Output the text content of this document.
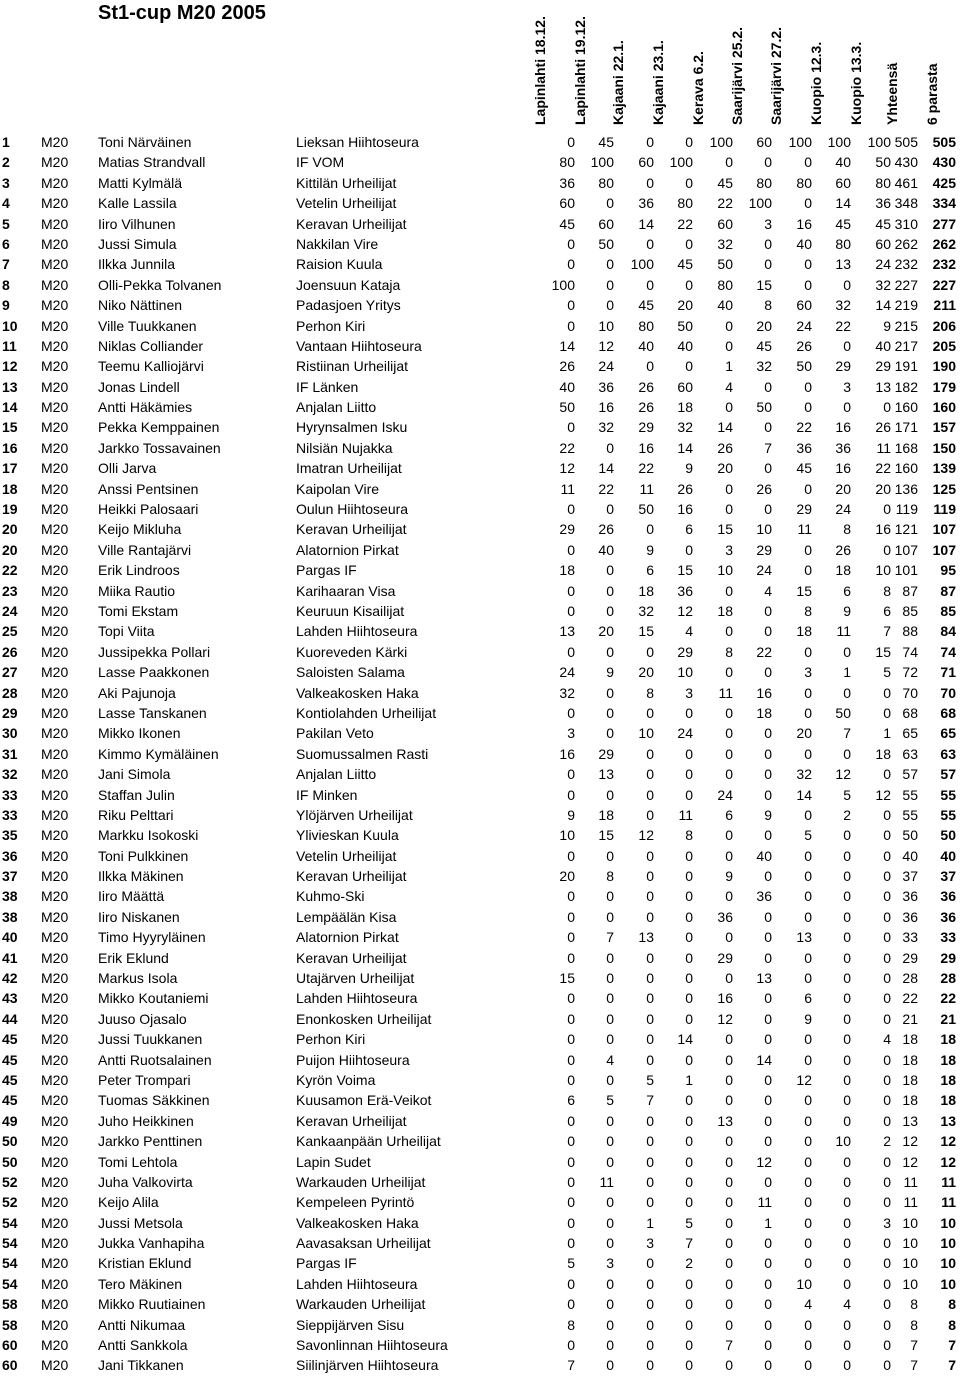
St1-cup M20 2005
Lapinlahti 18.12. Lapinlahti 19.12. Kajaani 22.1. Kajaani 23.1. Kerava 6.2. Saarijärvi 25.2. Saarijärvi 27.2. Kuopio 12.3. Kuopio 13.3. Yhteensä 6 parasta
1 M20 Toni Närväinen	Lieksan Hiihtoseura	0 45 0 0 100 60 100 100 100 505 505
2 M20 Matias Strandvall	IF VOM	80 100 60 100 0 0 0 40 50 430 430
3 M20 Matti Kylmälä	Kittilän Urheilijat	36 80 0 0 45 80 80 60 80 461 425
4 M20 Kalle Lassila	Vetelin Urheilijat	60 0 36 80 22 100 0 14 36 348 334
5 M20 Iiro Vilhunen	Keravan Urheilijat	45 60 14 22 60 3 16 45 45 310 277
6 M20 Jussi Simula	Nakkilan Vire	0 50 0 0 32 0 40 80 60 262 262
7 M20 Ilkka Junnila	Raision Kuula	0 0 100 45 50 0 0 13 24 232 232
8 M20 Olli-Pekka Tolvanen	Joensuun Kataja	100 0 0 0 80 15 0 0 32 227 227
9 M20 Niko Nättinen	Padasjoen Yritys	0 0 45 20 40 8 60 32 14 219 211
10 M20 Ville Tuukkanen	Perhon Kiri	0 10 80 50 0 20 24 22 9 215 206
11 M20 Niklas Colliander	Vantaan Hiihtoseura	14 12 40 40 0 45 26 0 40 217 205
12 M20 Teemu Kalliojärvi	Ristiinan Urheilijat	26 24 0 0 1 32 50 29 29 191 190
13 M20 Jonas Lindell	IF Länken	40 36 26 60 4 0 0 3 13 182 179
14 M20 Antti Häkämies	Anjalan Liitto	50 16 26 18 0 50 0 0 0 160 160
15 M20 Pekka Kemppainen	Hyrynsalmen Isku	0 32 29 32 14 0 22 16 26 171 157
16 M20 Jarkko Tossavainen	Nilsiän Nujakka	22 0 16 14 26 7 36 36 11 168 150
17 M20 Olli Jarva	Imatran Urheilijat	12 14 22 9 20 0 45 16 22 160 139
18 M20 Anssi Pentsinen	Kaipolan Vire	11 22 11 26 0 26 0 20 20 136 125
19 M20 Heikki Palosaari	Oulun Hiihtoseura	0 0 50 16 0 0 29 24 0 119 119
20 M20 Keijo Mikluha	Keravan Urheilijat	29 26 0 6 15 10 11 8 16 121 107
20 M20 Ville Rantajärvi	Alatornion Pirkat	0 40 9 0 3 29 0 26 0 107 107
22 M20 Erik Lindroos	Pargas IF	18 0 6 15 10 24 0 18 10 101 95
23 M20 Miika Rautio	Karihaaran Visa	0 0 18 36 0 4 15 6 8 87 87
24 M20 Tomi Ekstam	Keuruun Kisailijat	0 0 32 12 18 0 8 9 6 85 85
25 M20 Topi Viita	Lahden Hiihtoseura	13 20 15 4 0 0 18 11 7 88 84
26 M20 Jussipekka Pollari	Kuoreveden Kärki	0 0 0 29 8 22 0 0 15 74 74
27 M20 Lasse Paakkonen	Saloisten Salama	24 9 20 10 0 0 3 1 5 72 71
28 M20 Aki Pajunoja	Valkeakosken Haka	32 0 8 3 11 16 0 0 0 70 70
29 M20 Lasse Tanskanen	Kontiolahden Urheilijat	0 0 0 0 0 18 0 50 0 68 68
30 M20 Mikko Ikonen	Pakilan Veto	3 0 10 24 0 0 20 7 1 65 65
31 M20 Kimmo Kymäläinen	Suomussalmen Rasti	16 29 0 0 0 0 0 0 18 63 63
32 M20 Jani Simola	Anjalan Liitto	0 13 0 0 0 0 32 12 0 57 57
33 M20 Staffan Julin	IF Minken	0 0 0 0 24 0 14 5 12 55 55
33 M20 Riku Pelttari	Ylöjärven Urheilijat	9 18 0 11 6 9 0 2 0 55 55
35 M20 Markku Isokoski	Ylivieskan Kuula	10 15 12 8 0 0 5 0 0 50 50
36 M20 Toni Pulkkinen	Vetelin Urheilijat	0 0 0 0 0 40 0 0 0 40 40
37 M20 Ilkka Mäkinen	Keravan Urheilijat	20 8 0 0 9 0 0 0 0 37 37
38 M20 Iiro Määttä	Kuhmo-Ski	0 0 0 0 0 36 0 0 0 36 36
38 M20 Iiro Niskanen	Lempäälän Kisa	0 0 0 0 36 0 0 0 0 36 36
40 M20 Timo Hyyryläinen	Alatornion Pirkat	0 7 13 0 0 0 13 0 0 33 33
41 M20 Erik Eklund	Keravan Urheilijat	0 0 0 0 29 0 0 0 0 29 29
42 M20 Markus Isola	Utajärven Urheilijat	15 0 0 0 0 13 0 0 0 28 28
43 M20 Mikko Koutaniemi	Lahden Hiihtoseura	0 0 0 0 16 0 6 0 0 22 22
44 M20 Juuso Ojasalo	Enonkosken Urheilijat	0 0 0 0 12 0 9 0 0 21 21
45 M20 Jussi Tuukkanen	Perhon Kiri	0 0 0 14 0 0 0 0 4 18 18
45 M20 Antti Ruotsalainen	Puijon Hiihtoseura	0 4 0 0 0 14 0 0 0 18 18
45 M20 Peter Trompari	Kyrön Voima	0 0 5 1 0 0 12 0 0 18 18
45 M20 Tuomas Säkkinen	Kuusamon Erä-Veikot	6 5 7 0 0 0 0 0 0 18 18
49 M20 Juho Heikkinen	Keravan Urheilijat	0 0 0 0 13 0 0 0 0 13 13
50 M20 Jarkko Penttinen	Kankaanpään Urheilijat	0 0 0 0 0 0 0 10 2 12 12
50 M20 Tomi Lehtola	Lapin Sudet	0 0 0 0 0 12 0 0 0 12 12
52 M20 Juha Valkovirta	Warkauden Urheilijat	0 11 0 0 0 0 0 0 0 11 11
52 M20 Keijo Alila	Kempeleen Pyrintö	0 0 0 0 0 11 0 0 0 11 11
54 M20 Jussi Metsola	Valkeakosken Haka	0 0 1 5 0 1 0 0 3 10 10
54 M20 Jukka Vanhapiha	Aavasaksan Urheilijat	0 0 3 7 0 0 0 0 0 10 10
54 M20 Kristian Eklund	Pargas IF	5 3 0 2 0 0 0 0 0 10 10
54 M20 Tero Mäkinen	Lahden Hiihtoseura	0 0 0 0 0 0 10 0 0 10 10
58 M20 Mikko Ruutiainen	Warkauden Urheilijat	0 0 0 0 0 0 4 4 0 8 8
58 M20 Antti Nikumaa	Sieppijärven Sisu	8 0 0 0 0 0 0 0 0 8 8
60 M20 Antti Sankkola	Savonlinnan Hiihtoseura	0 0 0 0 7 0 0 0 0 7 7
60 M20 Jani Tikkanen	Siilinjärven Hiihtoseura	7 0 0 0 0 0 0 0 0 7 7
